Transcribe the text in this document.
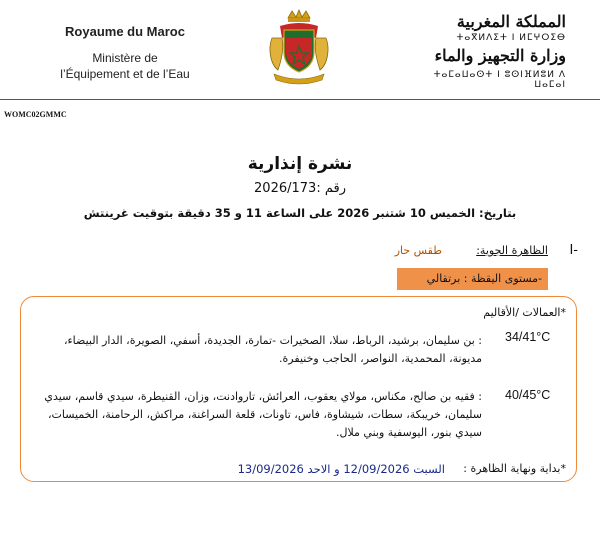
Royaume du Maroc
Ministère de
l’Équipement et de l’Eau
المملكة المغربية
ⵜⴰⴳⵍⴷⵉⵜ ⵏ ⵍⵎⵖⵔⵉⴱ
وزارة التجهيز والماء
ⵜⴰⵎⴰⵡⴰⵙⵜ ⵏ ⵓⵙⵏⴼⵍⵓⵍ ⴷ ⵡⴰⵎⴰⵏ
WOMC02GMMC
نشرة إنذارية
رقم :2026/173
بتاريخ: الخميس 10 شتنبر 2026 على الساعة 11 و 35 دقيقة بتوقيت غرينتش
I-
الظاهرة الجوية:
طقس حار
-مستوى اليقظة : برتقالي
*العمالات /الأقاليم
34/41°C
: بن سليمان، برشيد، الرباط، سلا، الصخيرات -تمارة، الجديدة، أسفي، الصويرة، الدار البيضاء، مديونة، المحمدية، النواصر، الحاجب وخنيفرة.
40/45°C
: فقيه بن صالح، مكناس، مولاي يعقوب، العرائش، تاروادنت، وزان، القنيطرة، سيدي قاسم، سيدي سليمان، خريبكة، سطات، شيشاوة، فاس، تاونات، قلعة السراغنة، مراكش، الرحامنة، الخميسات، سيدي بنور، اليوسفية وبني ملال.
*بداية ونهاية الظاهرة :
السبت 12/09/2026 و الاحد 13/09/2026
